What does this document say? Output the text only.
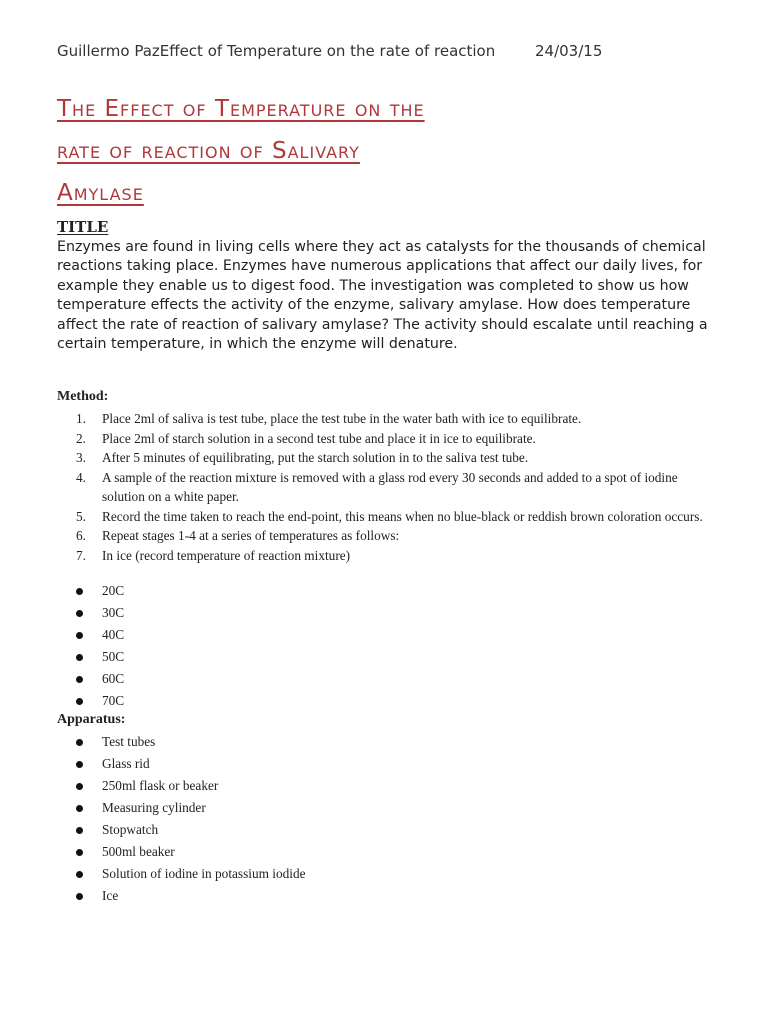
Guillermo PazEffect of Temperature on the rate of reaction	24/03/15
The Effect of Temperature on the
rate of reaction of Salivary
Amylase
TITLE

Enzymes are found in living cells where they act as catalysts for the thousands of chemical reactions taking place. Enzymes have numerous applications that affect our daily lives, for example they enable us to digest food. The investigation was completed to show us how temperature effects the activity of the enzyme, salivary amylase. How does temperature affect the rate of reaction of salivary amylase? The activity should escalate until reaching a certain temperature, in which the enzyme will denature.

Method:
1. Place 2ml of saliva is test tube, place the test tube in the water bath with ice to equilibrate.
2. Place 2ml of starch solution in a second test tube and place it in ice to equilibrate.
3. After 5 minutes of equilibrating, put the starch solution in to the saliva test tube.
4. A sample of the reaction mixture is removed with a glass rod every 30 seconds and added to a spot of iodine solution on a white paper.
5. Record the time taken to reach the end-point, this means when no blue-black or reddish brown coloration occurs.
6. Repeat stages 1-4 at a series of temperatures as follows:
7. In ice (record temperature of reaction mixture)
20C
30C
40C
50C
60C
70C
Apparatus:
Test tubes
Glass rid
250ml flask or beaker
Measuring cylinder
Stopwatch
500ml beaker
Solution of iodine in potassium iodide
Ice
